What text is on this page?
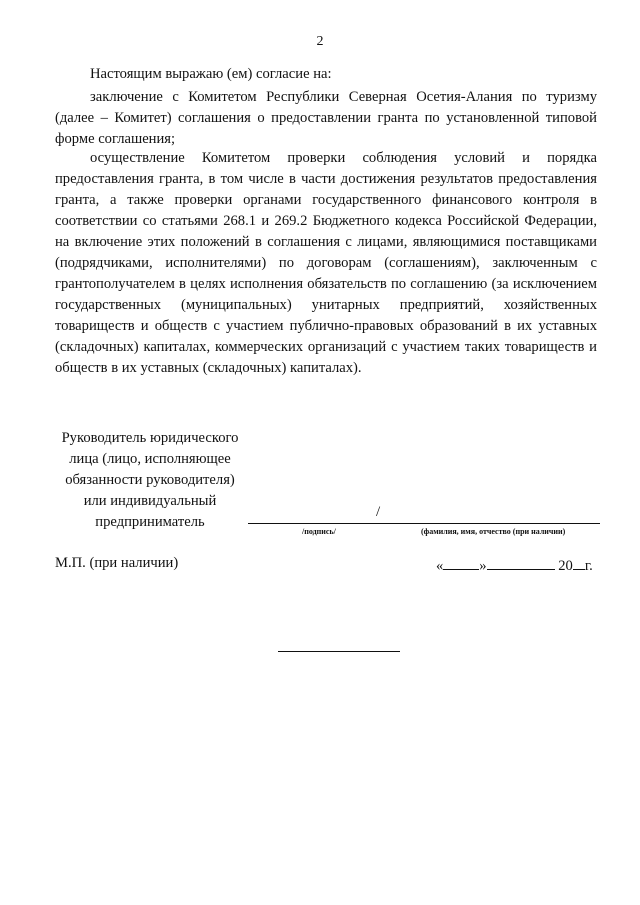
2
Настоящим выражаю (ем) согласие на:
заключение с Комитетом Республики Северная Осетия-Алания по туризму (далее – Комитет) соглашения о предоставлении гранта по установленной типовой форме соглашения;
осуществление Комитетом проверки соблюдения условий и порядка предоставления гранта, в том числе в части достижения результатов предоставления гранта, а также проверки органами государственного финансового контроля в соответствии со статьями 268.1 и 269.2 Бюджетного кодекса Российской Федерации, на включение этих положений в соглашения с лицами, являющимися поставщиками (подрядчиками, исполнителями) по договорам (соглашениям), заключенным с грантополучателем в целях исполнения обязательств по соглашению (за исключением государственных (муниципальных) унитарных предприятий, хозяйственных товариществ и обществ с участием публично-правовых образований в их уставных (складочных) капиталах, коммерческих организаций с участием таких товариществ и обществ в их уставных (складочных) капиталах).
Руководитель юридического
лица (лицо, исполняющее
обязанности руководителя)
или индивидуальный
предприниматель
/
/подпись/	(фамилия, имя, отчество (при наличии)
М.П. (при наличии)	« »	20 г.
